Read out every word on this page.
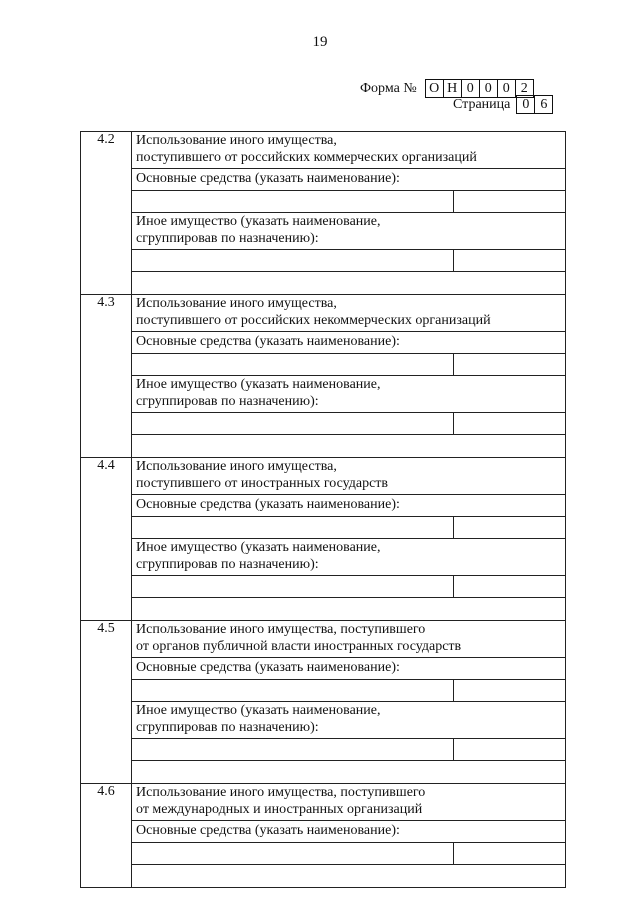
19
Форма № О Н 0 0 0 2
Страница 0 6
4.2	Использование иного имущества,
поступившего от российских коммерческих организаций	

	Основные средства (указать наименование):	

	Иное имущество (указать наименование,
сгруппировав по назначению):	

4.3	Использование иного имущества,
поступившего от российских некоммерческих организаций	

	Основные средства (указать наименование):	

	Иное имущество (указать наименование,
сгруппировав по назначению):	

4.4	Использование иного имущества,
поступившего от иностранных государств	

	Основные средства (указать наименование):	

	Иное имущество (указать наименование,
сгруппировав по назначению):	

4.5	Использование иного имущества, поступившего
от органов публичной власти иностранных государств	

	Основные средства (указать наименование):	

	Иное имущество (указать наименование,
сгруппировав по назначению):	

4.6	Использование иного имущества, поступившего
от международных и иностранных организаций	

	Основные средства (указать наименование):	
